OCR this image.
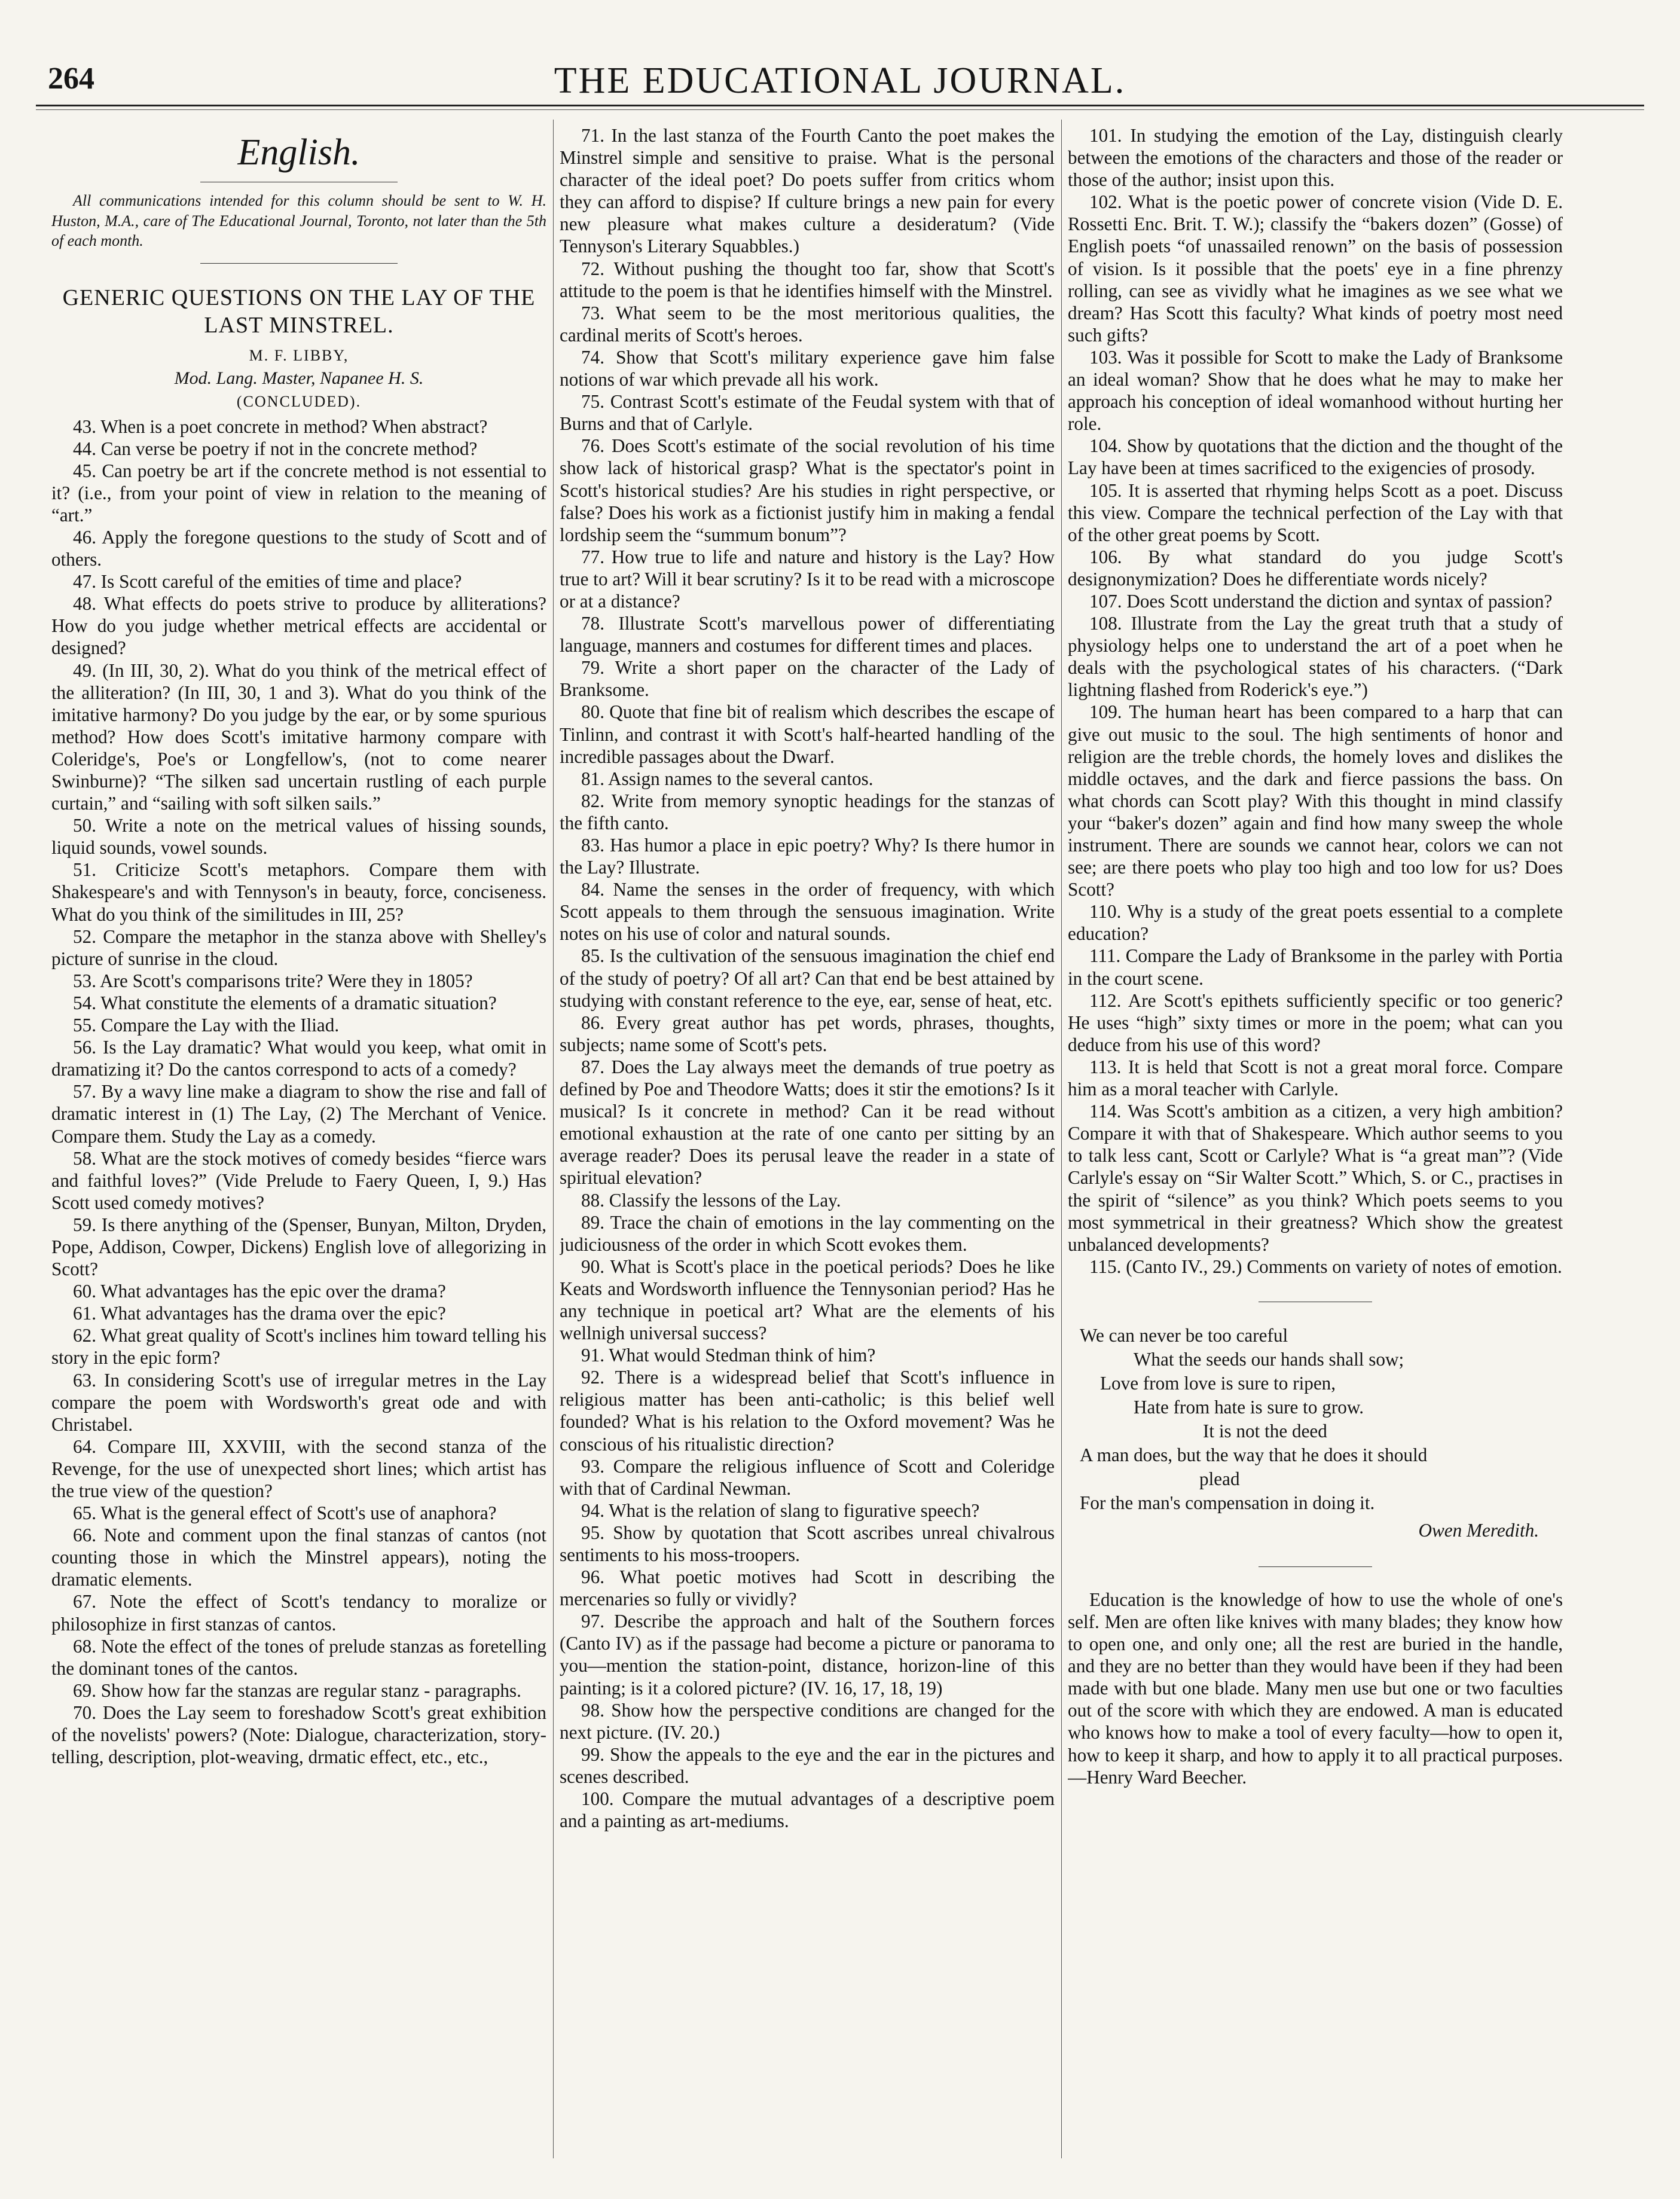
264	THE EDUCATIONAL JOURNAL.
English.
All communications intended for this column should be sent to W. H. Huston, M.A., care of The Educational Journal, Toronto, not later than the 5th of each month.
GENERIC QUESTIONS ON THE LAY OF THE LAST MINSTREL.
M. F. LIBBY,
Mod. Lang. Master, Napanee H. S.
(CONCLUDED).

43. When is a poet concrete in method? When abstract?

44. Can verse be poetry if not in the concrete method?

45. Can poetry be art if the concrete method is not essential to it? (i.e., from your point of view in relation to the meaning of “art.”

46. Apply the foregone questions to the study of Scott and of others.

47. Is Scott careful of the emities of time and place?

48. What effects do poets strive to produce by alliterations? How do you judge whether metrical effects are accidental or designed?

49. (In III, 30, 2). What do you think of the metrical effect of the alliteration? (In III, 30, 1 and 3). What do you think of the imitative harmony? Do you judge by the ear, or by some spurious method? How does Scott's imitative harmony compare with Coleridge's, Poe's or Longfellow's, (not to come nearer Swinburne)? “The silken sad uncertain rustling of each purple curtain,” and “sailing with soft silken sails.”

50. Write a note on the metrical values of hissing sounds, liquid sounds, vowel sounds.

51. Criticize Scott's metaphors. Compare them with Shakespeare's and with Tennyson's in beauty, force, conciseness. What do you think of the similitudes in III, 25?

52. Compare the metaphor in the stanza above with Shelley's picture of sunrise in the cloud.

53. Are Scott's comparisons trite? Were they in 1805?

54. What constitute the elements of a dramatic situation?

55. Compare the Lay with the Iliad.

56. Is the Lay dramatic? What would you keep, what omit in dramatizing it? Do the cantos correspond to acts of a comedy?

57. By a wavy line make a diagram to show the rise and fall of dramatic interest in (1) The Lay, (2) The Merchant of Venice. Compare them. Study the Lay as a comedy.

58. What are the stock motives of comedy besides “fierce wars and faithful loves?” (Vide Prelude to Faery Queen, I, 9.) Has Scott used comedy motives?

59. Is there anything of the (Spenser, Bunyan, Milton, Dryden, Pope, Addison, Cowper, Dickens) English love of allegorizing in Scott?

60. What advantages has the epic over the drama?

61. What advantages has the drama over the epic?

62. What great quality of Scott's inclines him toward telling his story in the epic form?

63. In considering Scott's use of irregular metres in the Lay compare the poem with Wordsworth's great ode and with Christabel.

64. Compare III, XXVIII, with the second stanza of the Revenge, for the use of unexpected short lines; which artist has the true view of the question?

65. What is the general effect of Scott's use of anaphora?

66. Note and comment upon the final stanzas of cantos (not counting those in which the Minstrel appears), noting the dramatic elements.

67. Note the effect of Scott's tendancy to moralize or philosophize in first stanzas of cantos.

68. Note the effect of the tones of prelude stanzas as foretelling the dominant tones of the cantos.

69. Show how far the stanzas are regular stanz - paragraphs.

70. Does the Lay seem to foreshadow Scott's great exhibition of the novelists' powers? (Note: Dialogue, characterization, story-telling, description, plot-weaving, drmatic effect, etc., etc.,

71. In the last stanza of the Fourth Canto the poet makes the Minstrel simple and sensitive to praise. What is the personal character of the ideal poet? Do poets suffer from critics whom they can afford to dispise? If culture brings a new pain for every new pleasure what makes culture a desideratum? (Vide Tennyson's Literary Squabbles.)

72. Without pushing the thought too far, show that Scott's attitude to the poem is that he identifies himself with the Minstrel.

73. What seem to be the most meritorious qualities, the cardinal merits of Scott's heroes.

74. Show that Scott's military experience gave him false notions of war which prevade all his work.

75. Contrast Scott's estimate of the Feudal system with that of Burns and that of Carlyle.

76. Does Scott's estimate of the social revolution of his time show lack of historical grasp? What is the spectator's point in Scott's historical studies? Are his studies in right perspective, or false? Does his work as a fictionist justify him in making a fendal lordship seem the “summum bonum”?

77. How true to life and nature and history is the Lay? How true to art? Will it bear scrutiny? Is it to be read with a microscope or at a distance?

78. Illustrate Scott's marvellous power of differentiating language, manners and costumes for different times and places.

79. Write a short paper on the character of the Lady of Branksome.

80. Quote that fine bit of realism which describes the escape of Tinlinn, and contrast it with Scott's half-hearted handling of the incredible passages about the Dwarf.

81. Assign names to the several cantos.

82. Write from memory synoptic headings for the stanzas of the fifth canto.

83. Has humor a place in epic poetry? Why? Is there humor in the Lay? Illustrate.

84. Name the senses in the order of frequency, with which Scott appeals to them through the sensuous imagination. Write notes on his use of color and natural sounds.

85. Is the cultivation of the sensuous imagination the chief end of the study of poetry? Of all art? Can that end be best attained by studying with constant reference to the eye, ear, sense of heat, etc.

86. Every great author has pet words, phrases, thoughts, subjects; name some of Scott's pets.

87. Does the Lay always meet the demands of true poetry as defined by Poe and Theodore Watts; does it stir the emotions? Is it musical? Is it concrete in method? Can it be read without emotional exhaustion at the rate of one canto per sitting by an average reader? Does its perusal leave the reader in a state of spiritual elevation?

88. Classify the lessons of the Lay.

89. Trace the chain of emotions in the lay commenting on the judiciousness of the order in which Scott evokes them.

90. What is Scott's place in the poetical periods? Does he like Keats and Wordsworth influence the Tennysonian period? Has he any technique in poetical art? What are the elements of his wellnigh universal success?

91. What would Stedman think of him?

92. There is a widespread belief that Scott's influence in religious matter has been anti-catholic; is this belief well founded? What is his relation to the Oxford movement? Was he conscious of his ritualistic direction?

93. Compare the religious influence of Scott and Coleridge with that of Cardinal Newman.

94. What is the relation of slang to figurative speech?

95. Show by quotation that Scott ascribes unreal chivalrous sentiments to his moss-troopers.

96. What poetic motives had Scott in describing the mercenaries so fully or vividly?

97. Describe the approach and halt of the Southern forces (Canto IV) as if the passage had become a picture or panorama to you—mention the station-point, distance, horizon-line of this painting; is it a colored picture? (IV. 16, 17, 18, 19)

98. Show how the perspective conditions are changed for the next picture. (IV. 20.)

99. Show the appeals to the eye and the ear in the pictures and scenes described.

100. Compare the mutual advantages of a descriptive poem and a painting as art-mediums.

101. In studying the emotion of the Lay, distinguish clearly between the emotions of the characters and those of the reader or those of the author; insist upon this.

102. What is the poetic power of concrete vision (Vide D. E. Rossetti Enc. Brit. T. W.); classify the “bakers dozen” (Gosse) of English poets “of unassailed renown” on the basis of possession of vision. Is it possible that the poets' eye in a fine phrenzy rolling, can see as vividly what he imagines as we see what we dream? Has Scott this faculty? What kinds of poetry most need such gifts?

103. Was it possible for Scott to make the Lady of Branksome an ideal woman? Show that he does what he may to make her approach his conception of ideal womanhood without hurting her role.

104. Show by quotations that the diction and the thought of the Lay have been at times sacrificed to the exigencies of prosody.

105. It is asserted that rhyming helps Scott as a poet. Discuss this view. Compare the technical perfection of the Lay with that of the other great poems by Scott.

106. By what standard do you judge Scott's designonymization? Does he differentiate words nicely?

107. Does Scott understand the diction and syntax of passion?

108. Illustrate from the Lay the great truth that a study of physiology helps one to understand the art of a poet when he deals with the psychological states of his characters. (“Dark lightning flashed from Roderick's eye.”)

109. The human heart has been compared to a harp that can give out music to the soul. The high sentiments of honor and religion are the treble chords, the homely loves and dislikes the middle octaves, and the dark and fierce passions the bass. On what chords can Scott play? With this thought in mind classify your “baker's dozen” again and find how many sweep the whole instrument. There are sounds we cannot hear, colors we can not see; are there poets who play too high and too low for us? Does Scott?

110. Why is a study of the great poets essential to a complete education?

111. Compare the Lady of Branksome in the parley with Portia in the court scene.

112. Are Scott's epithets sufficiently specific or too generic? He uses “high” sixty times or more in the poem; what can you deduce from his use of this word?

113. It is held that Scott is not a great moral force. Compare him as a moral teacher with Carlyle.

114. Was Scott's ambition as a citizen, a very high ambition? Compare it with that of Shakespeare. Which author seems to you to talk less cant, Scott or Carlyle? What is “a great man”? (Vide Carlyle's essay on “Sir Walter Scott.” Which, S. or C., practises in the spirit of “silence” as you think? Which poets seems to you most symmetrical in their greatness? Which show the greatest unbalanced developments?

115. (Canto IV., 29.) Comments on variety of notes of emotion.

We can never be too careful
What the seeds our hands shall sow;
Love from love is sure to ripen,
Hate from hate is sure to grow.
It is not the deed
A man does, but the way that he does it should
plead
For the man's compensation in doing it.
Owen Meredith.

Education is the knowledge of how to use the whole of one's self. Men are often like knives with many blades; they know how to open one, and only one; all the rest are buried in the handle, and they are no better than they would have been if they had been made with but one blade. Many men use but one or two faculties out of the score with which they are endowed. A man is educated who knows how to make a tool of every faculty—how to open it, how to keep it sharp, and how to apply it to all practical purposes.—Henry Ward Beecher.
